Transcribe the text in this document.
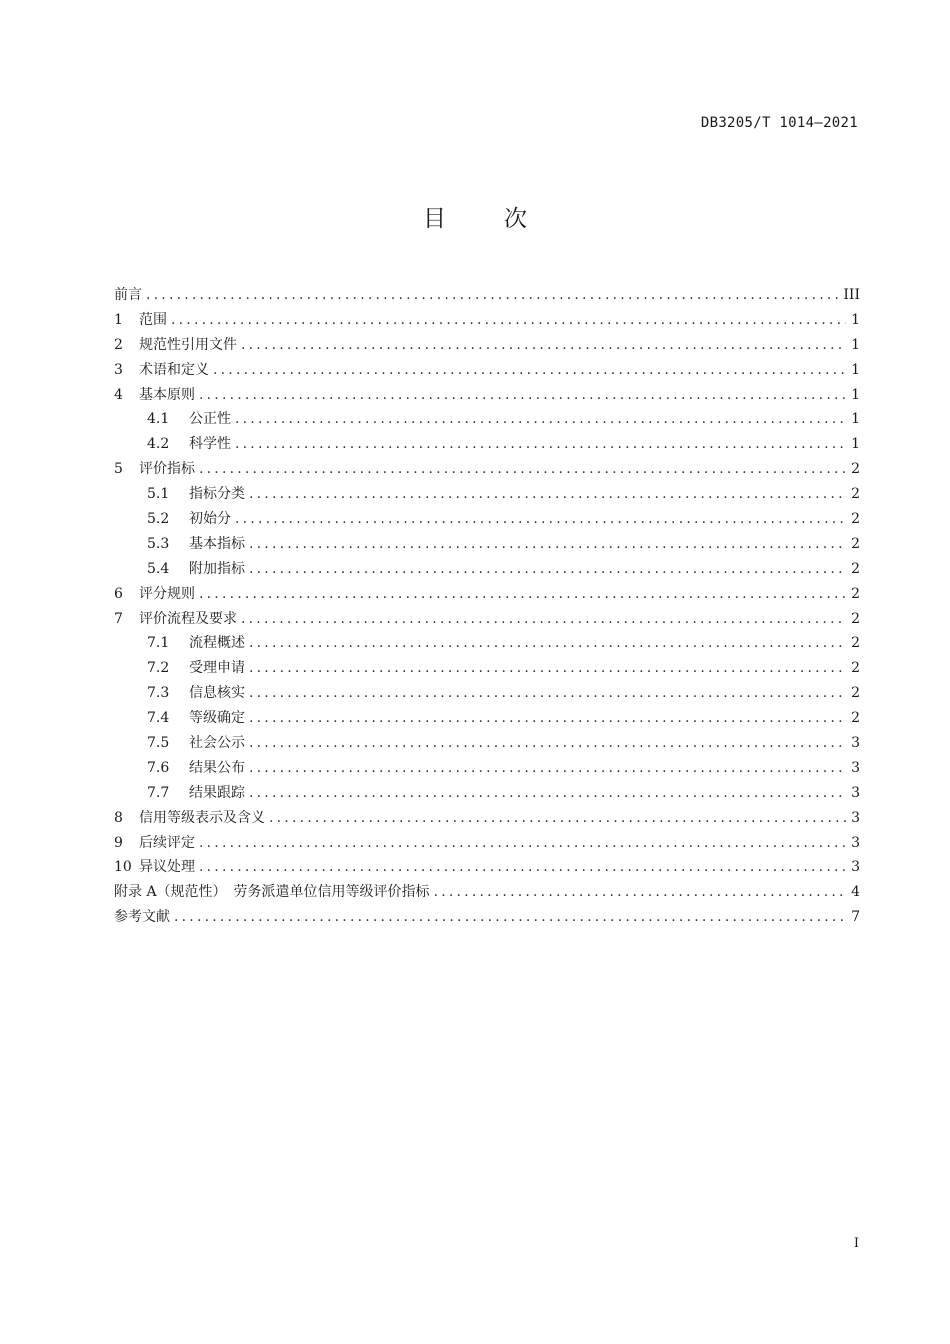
DB3205/T 1014—2021
目次
前言 .....	III
1	范围 .....	1
2	规范性引用文件 .....	1
3	术语和定义 .....	1
4	基本原则 .....	1
4.1	公正性 .....	1
4.2	科学性 .....	1
5	评价指标 .....	2
5.1	指标分类 .....	2
5.2	初始分 .....	2
5.3	基本指标 .....	2
5.4	附加指标 .....	2
6	评分规则 .....	2
7	评价流程及要求 .....	2
7.1	流程概述 .....	2
7.2	受理申请 .....	2
7.3	信息核实 .....	2
7.4	等级确定 .....	2
7.5	社会公示 .....	3
7.6	结果公布 .....	3
7.7	结果跟踪 .....	3
8	信用等级表示及含义 .....	3
9	后续评定 .....	3
10 异议处理 .....	3
附录 A（规范性）　劳务派遣单位信用等级评价指标 .....	4
参考文献 .....	7
I
